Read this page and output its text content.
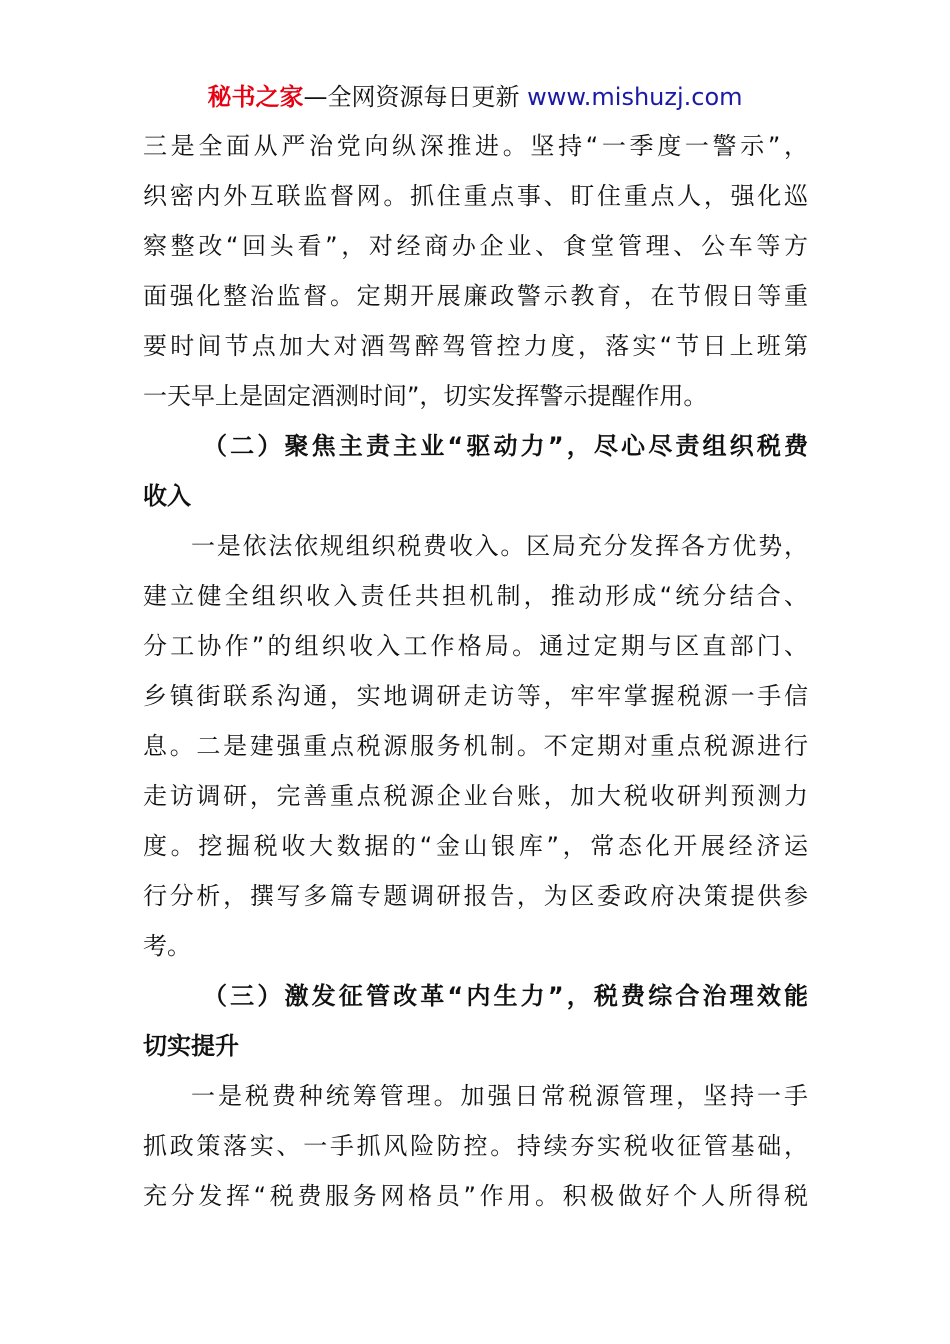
秘书之家—全网资源每日更新 www.mishuzj.com
三是全面从严治党向纵深推进。坚持“一季度一警示”，
织密内外互联监督网。抓住重点事、盯住重点人，强化巡
察整改“回头看”，对经商办企业、食堂管理、公车等方
面强化整治监督。定期开展廉政警示教育，在节假日等重
要时间节点加大对酒驾醉驾管控力度，落实“节日上班第
一天早上是固定酒测时间”，切实发挥警示提醒作用。
（二）聚焦主责主业“驱动力”，尽心尽责组织税费
收入
一是依法依规组织税费收入。区局充分发挥各方优势，
建立健全组织收入责任共担机制，推动形成“统分结合、
分工协作”的组织收入工作格局。通过定期与区直部门、
乡镇街联系沟通，实地调研走访等，牢牢掌握税源一手信
息。二是建强重点税源服务机制。不定期对重点税源进行
走访调研，完善重点税源企业台账，加大税收研判预测力
度。挖掘税收大数据的“金山银库”，常态化开展经济运
行分析，撰写多篇专题调研报告，为区委政府决策提供参
考。
（三）激发征管改革“内生力”，税费综合治理效能
切实提升
一是税费种统筹管理。加强日常税源管理，坚持一手
抓政策落实、一手抓风险防控。持续夯实税收征管基础，
充分发挥“税费服务网格员”作用。积极做好个人所得税
